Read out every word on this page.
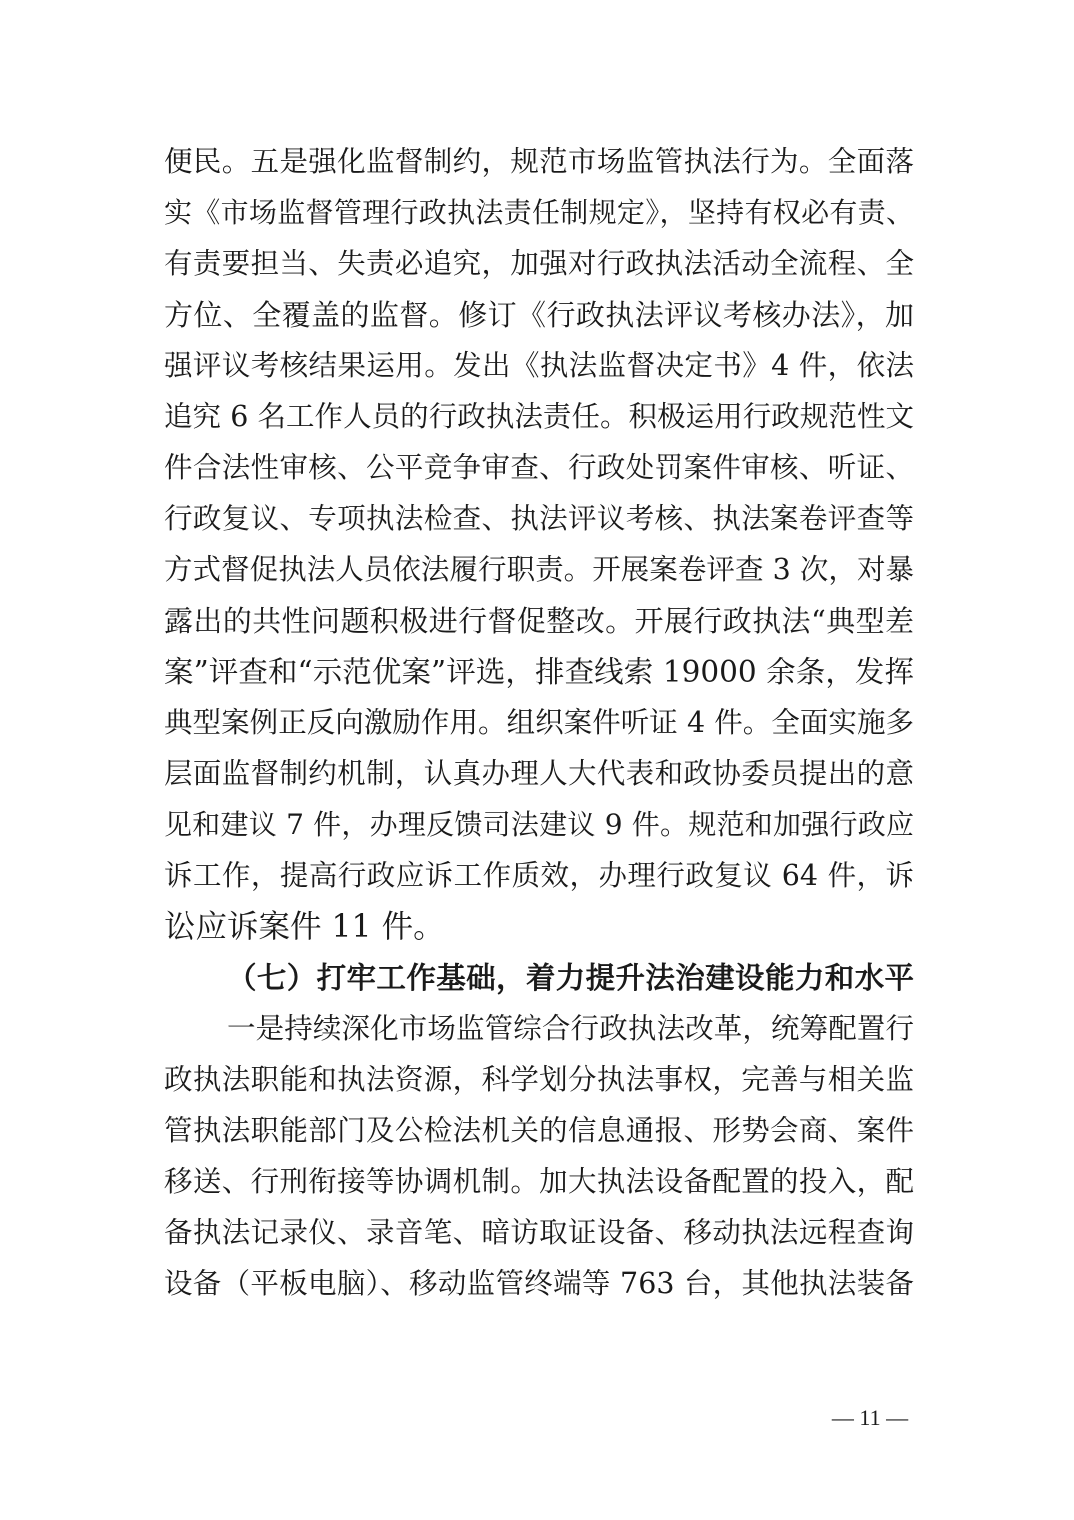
便民。五是强化监督制约，规范市场监管执法行为。全面落
实《市场监督管理行政执法责任制规定》，坚持有权必有责、
有责要担当、失责必追究，加强对行政执法活动全流程、全
方位、全覆盖的监督。修订《行政执法评议考核办法》，加
强评议考核结果运用。发出《执法监督决定书》4 件，依法
追究 6 名工作人员的行政执法责任。积极运用行政规范性文
件合法性审核、公平竞争审查、行政处罚案件审核、听证、
行政复议、专项执法检查、执法评议考核、执法案卷评查等
方式督促执法人员依法履行职责。开展案卷评查 3 次，对暴
露出的共性问题积极进行督促整改。开展行政执法“典型差
案”评查和“示范优案”评选，排查线索 19000 余条，发挥
典型案例正反向激励作用。组织案件听证 4 件。全面实施多
层面监督制约机制，认真办理人大代表和政协委员提出的意
见和建议 7 件，办理反馈司法建议 9 件。规范和加强行政应
诉工作，提高行政应诉工作质效，办理行政复议 64 件，诉
讼应诉案件 11 件。
（七）打牢工作基础，着力提升法治建设能力和水平
一是持续深化市场监管综合行政执法改革，统筹配置行
政执法职能和执法资源，科学划分执法事权，完善与相关监
管执法职能部门及公检法机关的信息通报、形势会商、案件
移送、行刑衔接等协调机制。加大执法设备配置的投入，配
备执法记录仪、录音笔、暗访取证设备、移动执法远程查询
设备（平板电脑）、移动监管终端等 763 台，其他执法装备
— 11 —
